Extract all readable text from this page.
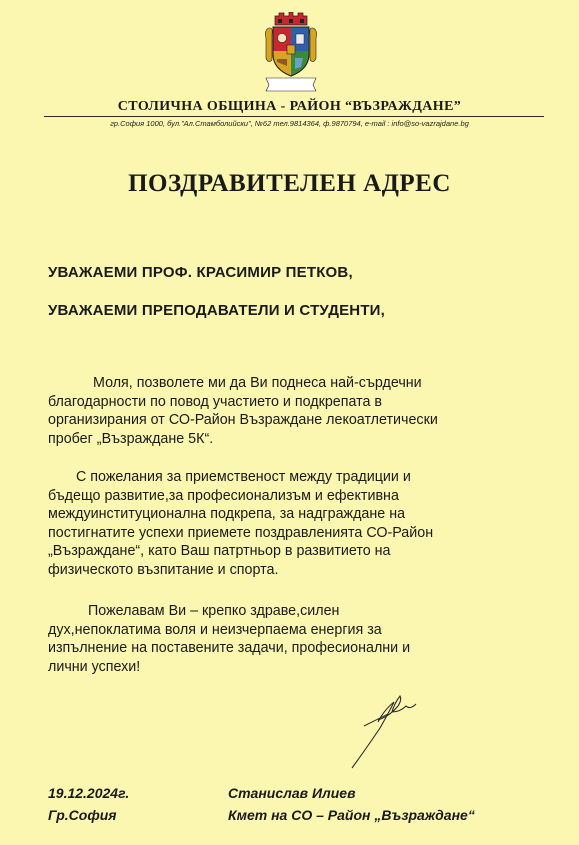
СТОЛИЧНА ОБЩИНА - РАЙОН “ВЪЗРАЖДАНЕ”
гр.София 1000, бул.”Ал.Стамболийски”, №62 тел.9814364, ф.9870794, e-mail : info@so-vazrajdane.bg
ПОЗДРАВИТЕЛЕН АДРЕС
УВАЖАЕМИ ПРОФ. КРАСИМИР ПЕТКОВ,
УВАЖАЕМИ ПРЕПОДАВАТЕЛИ И СТУДЕНТИ,
Моля, позволете ми да Ви поднеса най-сърдечни
благодарности по повод участието и подкрепата в
организирания от СО-Район Възраждане лекоатлетически
пробег „Възраждане 5К“.
С пожелания за приемственост между традиции и
бъдещо развитие,за професионализъм и ефективна
междуинституционална подкрепа, за надграждане на
постигнатите успехи приемете поздравленията СО-Район
„Възраждане“, като Ваш патртньор в развитието на
физическото възпитание и спорта.
Пожелавам Ви – крепко здраве,силен
дух,непоклатима воля и неизчерпаема енергия за
изпълнение на поставените задачи, професионални и
лични успехи!
19.12.2024г.
Гр.София
Станислав Илиев
Кмет на СО – Район „Възраждане“
